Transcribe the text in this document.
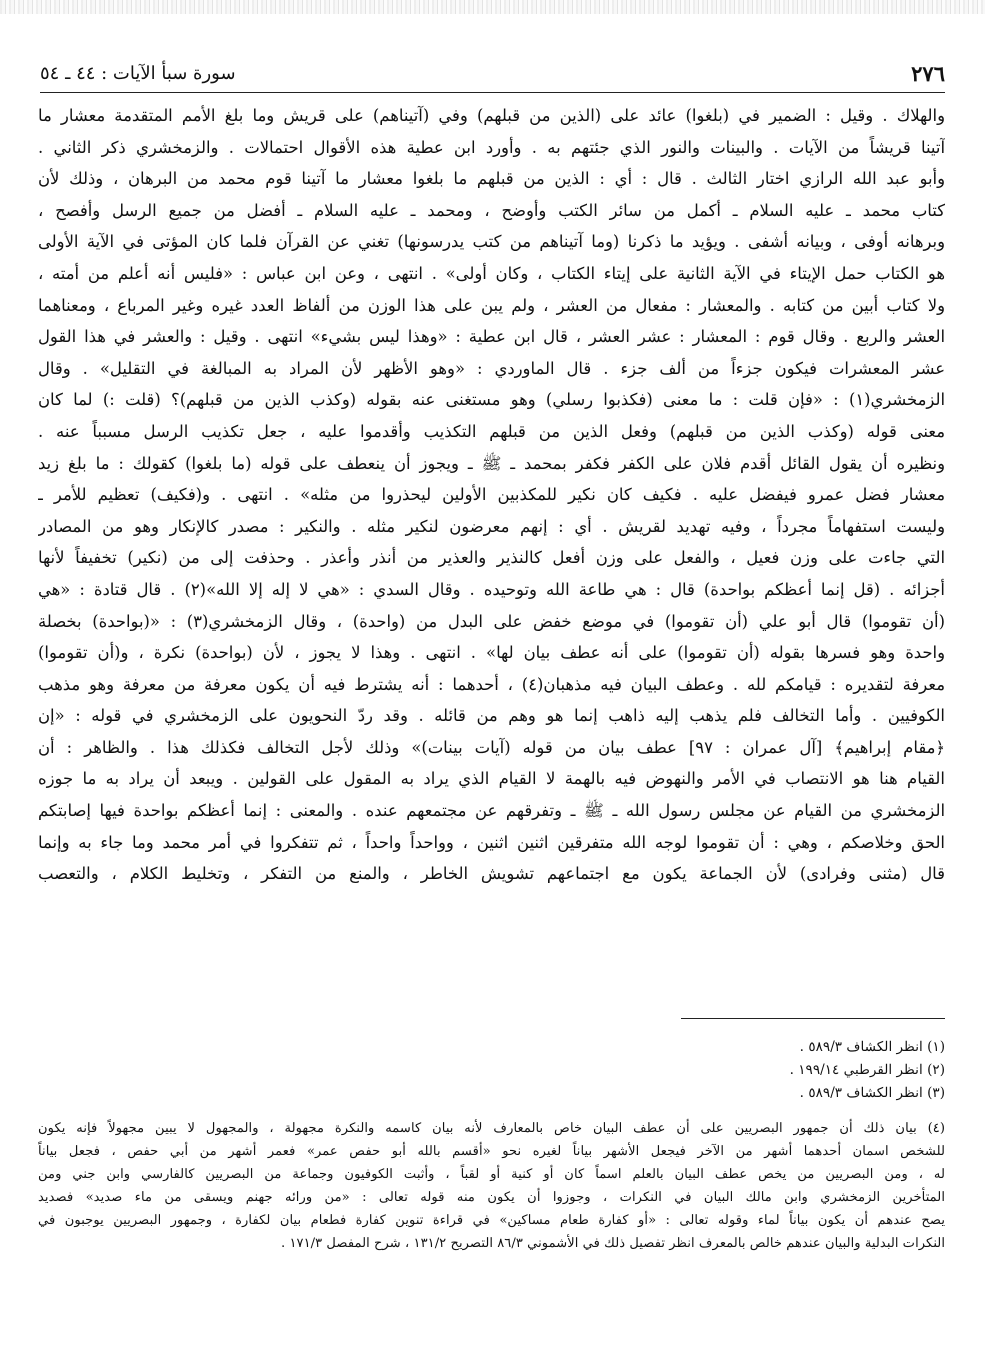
٢٧٦
سورة سبأ الآيات : ٤٤ ـ ٥٤
والهلاك . وقيل : الضمير في (بلغوا) عائد على (الذين من قبلهم) وفي (آتيناهم) على قريش وما بلغ الأمم المتقدمة معشار ما
آتينا قريشاً من الآيات . والبينات والنور الذي جئتهم به . وأورد ابن عطية هذه الأقوال احتمالات . والزمخشري ذكر الثاني .
وأبو عبد الله الرازي اختار الثالث . قال : أي : الذين من قبلهم ما بلغوا معشار ما آتينا قوم محمد من البرهان ، وذلك لأن
كتاب محمد ـ عليه السلام ـ أكمل من سائر الكتب وأوضح ، ومحمد ـ عليه السلام ـ أفضل من جميع الرسل وأفصح ،
وبرهانه أوفى ، وبيانه أشفى . ويؤيد ما ذكرنا (وما آتيناهم من كتب يدرسونها) تغني عن القرآن فلما كان المؤتى في الآية الأولى
هو الكتاب حمل الإيتاء في الآية الثانية على إيتاء الكتاب ، وكان أولى» . انتهى ، وعن ابن عباس : «فليس أنه أعلم من أمته ،
ولا كتاب أبين من كتابه . والمعشار : مفعال من العشر ، ولم يبن على هذا الوزن من ألفاظ العدد غيره وغير المرباع ، ومعناهما
العشر والربع . وقال قوم : المعشار : عشر العشر ، قال ابن عطية : «وهذا ليس بشيء» انتهى . وقيل : والعشر في هذا القول
عشر المعشرات فيكون جزءاً من ألف جزء . قال الماوردي : «وهو الأظهر لأن المراد به المبالغة في التقليل» . وقال
الزمخشري(١) : «فإن قلت : ما معنى (فكذبوا رسلي) وهو مستغنى عنه بقوله (وكذب الذين من قبلهم)؟ (قلت :) لما كان
معنى قوله (وكذب الذين من قبلهم) وفعل الذين من قبلهم التكذيب وأقدموا عليه ، جعل تكذيب الرسل مسبباً عنه .
ونظيره أن يقول القائل أقدم فلان على الكفر فكفر بمحمد ـ ﷺ ـ ويجوز أن ينعطف على قوله (ما بلغوا) كقولك : ما بلغ زيد
معشار فضل عمرو فيفضل عليه . فكيف كان نكير للمكذبين الأولين ليحذروا من مثله» . انتهى . و(فكيف) تعظيم للأمر ـ
وليست استفهاماً مجرداً ، وفيه تهديد لقريش . أي : إنهم معرضون لنكير مثله . والنكير : مصدر كالإنكار وهو من المصادر
التي جاءت على وزن فعيل ، والفعل على وزن أفعل كالنذير والعذير من أنذر وأعذر . وحذفت إلى من (نكير) تخفيفاً لأنها
أجزائه . (قل إنما أعظكم بواحدة) قال : هي طاعة الله وتوحيده . وقال السدي : «هي لا إله إلا الله»(٢) . قال قتادة : «هي
(أن تقوموا) قال أبو علي (أن تقوموا) في موضع خفض على البدل من (واحدة) ، وقال الزمخشري(٣) : «(بواحدة) بخصلة
واحدة وهو فسرها بقوله (أن تقوموا) على أنه عطف بيان لها» . انتهى . وهذا لا يجوز ، لأن (بواحدة) نكرة ، و(أن تقوموا)
معرفة لتقديره : قيامكم لله . وعطف البيان فيه مذهبان(٤) ، أحدهما : أنه يشترط فيه أن يكون معرفة من معرفة وهو مذهب
الكوفيين . وأما التخالف فلم يذهب إليه ذاهب إنما هو وهم من قائله . وقد ردّ النحويون على الزمخشري في قوله : «إن
﴿مقام إبراهيم﴾ [آل عمران : ٩٧] عطف بيان من قوله (آيات بينات)» وذلك لأجل التخالف فكذلك هذا . والظاهر : أن
القيام هنا هو الانتصاب في الأمر والنهوض فيه بالهمة لا القيام الذي يراد به المقول على القولين . ويبعد أن يراد به ما جوزه
الزمخشري من القيام عن مجلس رسول الله ـ ﷺ ـ وتفرقهم عن مجتمعهم عنده . والمعنى : إنما أعظكم بواحدة فيها إصابتكم
الحق وخلاصكم ، وهي : أن تقوموا لوجه الله متفرقين اثنين اثنين ، وواحداً واحداً ، ثم تتفكروا في أمر محمد وما جاء به وإنما
قال (مثنى وفرادى) لأن الجماعة يكون مع اجتماعهم تشويش الخاطر ، والمنع من التفكر ، وتخليط الكلام ، والتعصب
(١) انظر الكشاف ٥٨٩/٣ .
(٢) انظر القرطبي ١٩٩/١٤ .
(٣) انظر الكشاف ٥٨٩/٣ .
(٤) بيان ذلك أن جمهور البصريين على أن عطف البيان خاص بالمعارف لأنه بيان كاسمه والنكرة مجهولة ، والمجهول لا يبين مجهولاً فإنه يكون
للشخص اسمان أحدهما أشهر من الآخر فيجعل الأشهر بياناً لغيره نحو «أقسم بالله أبو حفص عمر» فعمر أشهر من أبي حفص ، فجعل بياناً
له ، ومن البصريين من يخص عطف البيان بالعلم اسماً كان أو كنية أو لقباً ، وأثبت الكوفيون وجماعة من البصريين كالفارسي وابن جني ومن
المتأخرين الزمخشري وابن مالك البيان في النكرات ، وجوزوا أن يكون منه قوله تعالى : «من ورائه جهنم ويسقى من ماء صديد» فصديد
يصح عندهم أن يكون بياناً لماء وقوله تعالى : «أو كفارة طعام مساكين» في قراءة تنوين كفارة فطعام بيان لكفارة ، وجمهور البصريين يوجبون في
النكرات البدلية والبيان عندهم خالص بالمعرف انظر تفصيل ذلك في الأشموني ٨٦/٣ التصريح ١٣١/٢ ، شرح المفصل ١٧١/٣ .
